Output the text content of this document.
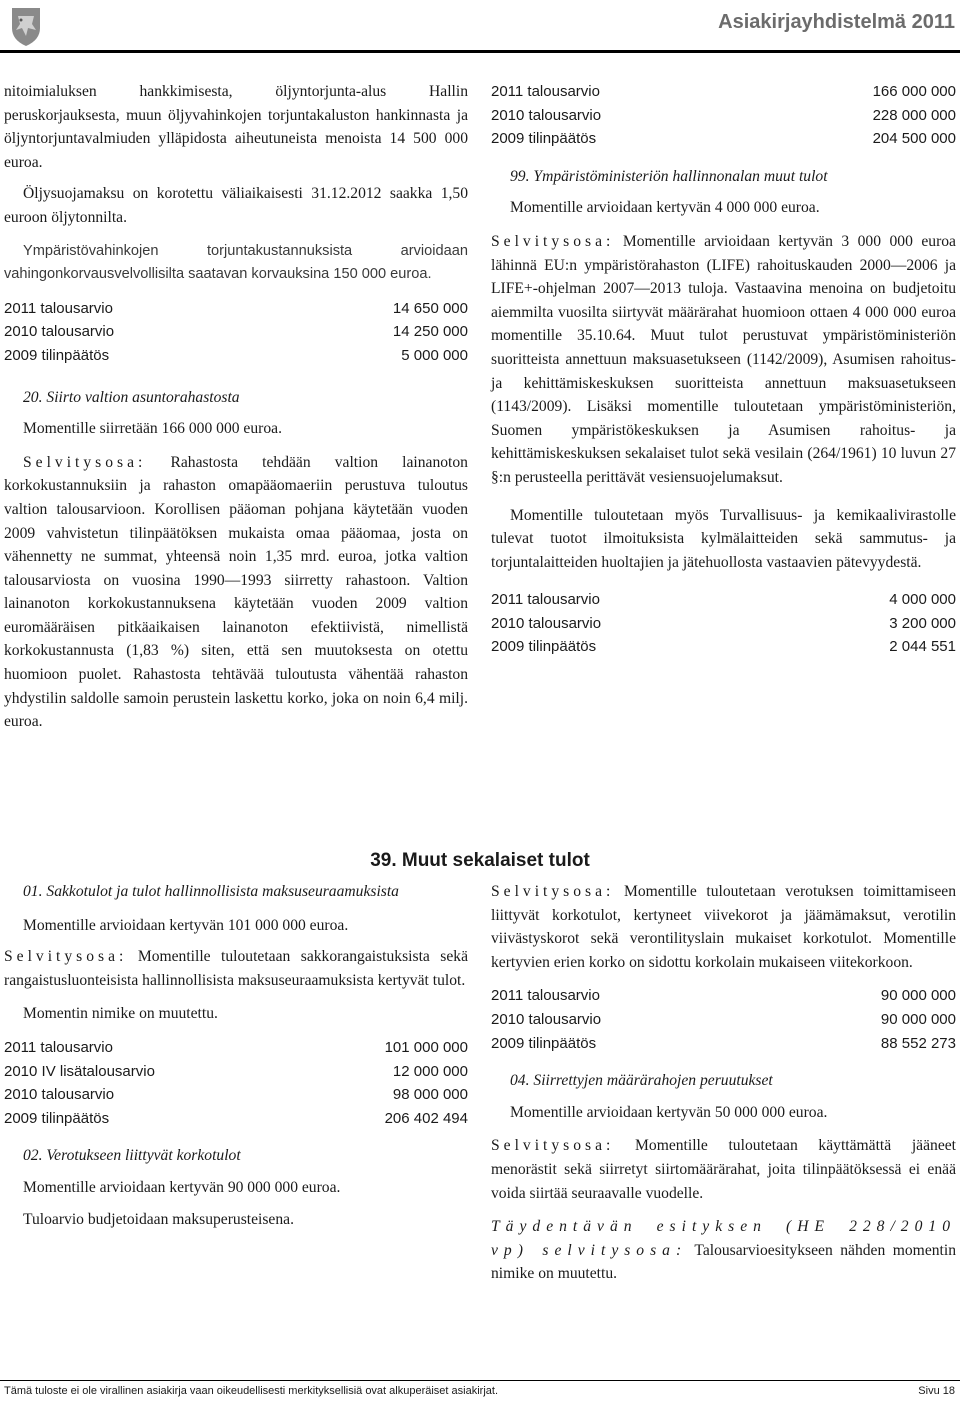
Asiakirjayhdistelmä 2011

nitoimialuksen hankkimisesta, öljyntorjunta-alus Hallin peruskorjauksesta, muun öljyvahinkojen torjuntakaluston hankinnasta ja öljyntorjuntavalmiuden ylläpidosta aiheutuneista menoista 14 500 000 euroa.

Öljysuojamaksu on korotettu väliaikaisesti 31.12.2012 saakka 1,50 euroon öljytonnilta.

Ympäristövahinkojen torjuntakustannuksista arvioidaan vahingonkorvausvelvollisilta saatavan korvauksina 150 000 euroa.

2011 talousarvio	14 650 000
2010 talousarvio	14 250 000
2009 tilinpäätös	5 000 000

20. Siirto valtion asuntorahastosta

Momentille siirretään 166 000 000 euroa.

Selvitysosa: Rahastosta tehdään valtion lainanoton korkokustannuksiin ja rahaston omapääomaeriin perustuva tuloutus valtion talousarvioon. Korollisen pääoman pohjana käytetään vuoden 2009 vahvistetun tilinpäätöksen mukaista omaa pääomaa, josta on vähennetty ne summat, yhteensä noin 1,35 mrd. euroa, jotka valtion talousarviosta on vuosina 1990—1993 siirretty rahastoon. Valtion lainanoton korkokustannuksena käytetään vuoden 2009 valtion euromääräisen pitkäaikaisen lainanoton efektiivistä, nimellistä korkokustannusta (1,83 %) siten, että sen muutoksesta on otettu huomioon puolet. Rahastosta tehtävää tuloutusta vähentää rahaston yhdystilin saldolle samoin perustein laskettu korko, joka on noin 6,4 milj. euroa.

2011 talousarvio	166 000 000
2010 talousarvio	228 000 000
2009 tilinpäätös	204 500 000

99. Ympäristöministeriön hallinnonalan muut tulot

Momentille arvioidaan kertyvän 4 000 000 euroa.

Selvitysosa: Momentille arvioidaan kertyvän 3 000 000 euroa lähinnä EU:n ympäristörahaston (LIFE) rahoituskauden 2000—2006 ja LIFE+-ohjelman 2007—2013 tuloja. Vastaavina menoina on budjetoitu aiemmilta vuosilta siirtyvät määrärahat huomioon ottaen 4 000 000 euroa momentille 35.10.64. Muut tulot perustuvat ympäristöministeriön suoritteista annettuun maksuasetukseen (1142/2009), Asumisen rahoitus- ja kehittämiskeskuksen suoritteista annettuun maksuasetukseen (1143/2009). Lisäksi momentille tuloutetaan ympäristöministeriön, Suomen ympäristökeskuksen ja Asumisen rahoitus- ja kehittämiskeskuksen sekalaiset tulot sekä vesilain (264/1961) 10 luvun 27 §:n perusteella perittävät vesiensuojelumaksut.

Momentille tuloutetaan myös Turvallisuus- ja kemikaalivirastolle tulevat tuotot ilmoituksista kylmälaitteiden sekä sammutus- ja torjuntalaitteiden huoltajien ja jätehuollosta vastaavien pätevyydestä.

2011 talousarvio	4 000 000
2010 talousarvio	3 200 000
2009 tilinpäätös	2 044 551
39. Muut sekalaiset tulot

01. Sakkotulot ja tulot hallinnollisista maksuseuraamuksista

Momentille arvioidaan kertyvän 101 000 000 euroa.

Selvitysosa: Momentille tuloutetaan sakkorangaistuksista sekä rangaistusluonteisista hallinnollisista maksuseuraamuksista kertyvät tulot.

Momentin nimike on muutettu.

2011 talousarvio	101 000 000
2010 IV lisätalousarvio	12 000 000
2010 talousarvio	98 000 000
2009 tilinpäätös	206 402 494

02. Verotukseen liittyvät korkotulot

Momentille arvioidaan kertyvän 90 000 000 euroa.

Tuloarvio budjetoidaan maksuperusteisena.

Selvitysosa: Momentille tuloutetaan verotuksen toimittamiseen liittyvät korkotulot, kertyneet viivekorot ja jäämämaksut, verotilin viivästyskorot sekä verontilityslain mukaiset korkotulot. Momentille kertyvien erien korko on sidottu korkolain mukaiseen viitekorkoon.

2011 talousarvio	90 000 000
2010 talousarvio	90 000 000
2009 tilinpäätös	88 552 273

04. Siirrettyjen määrärahojen peruutukset

Momentille arvioidaan kertyvän 50 000 000 euroa.

Selvitysosa: Momentille tuloutetaan käyttämättä jääneet menorästit sekä siirretyt siirtomäärärahat, joita tilinpäätöksessä ei enää voida siirtää seuraavalle vuodelle.

Täydentävän esityksen (HE 228/2010 vp) selvitysosa: Talousarvioesitykseen nähden momentin nimike on muutettu.

Tämä tuloste ei ole virallinen asiakirja vaan oikeudellisesti merkityksellisiä ovat alkuperäiset asiakirjat.	Sivu 18
